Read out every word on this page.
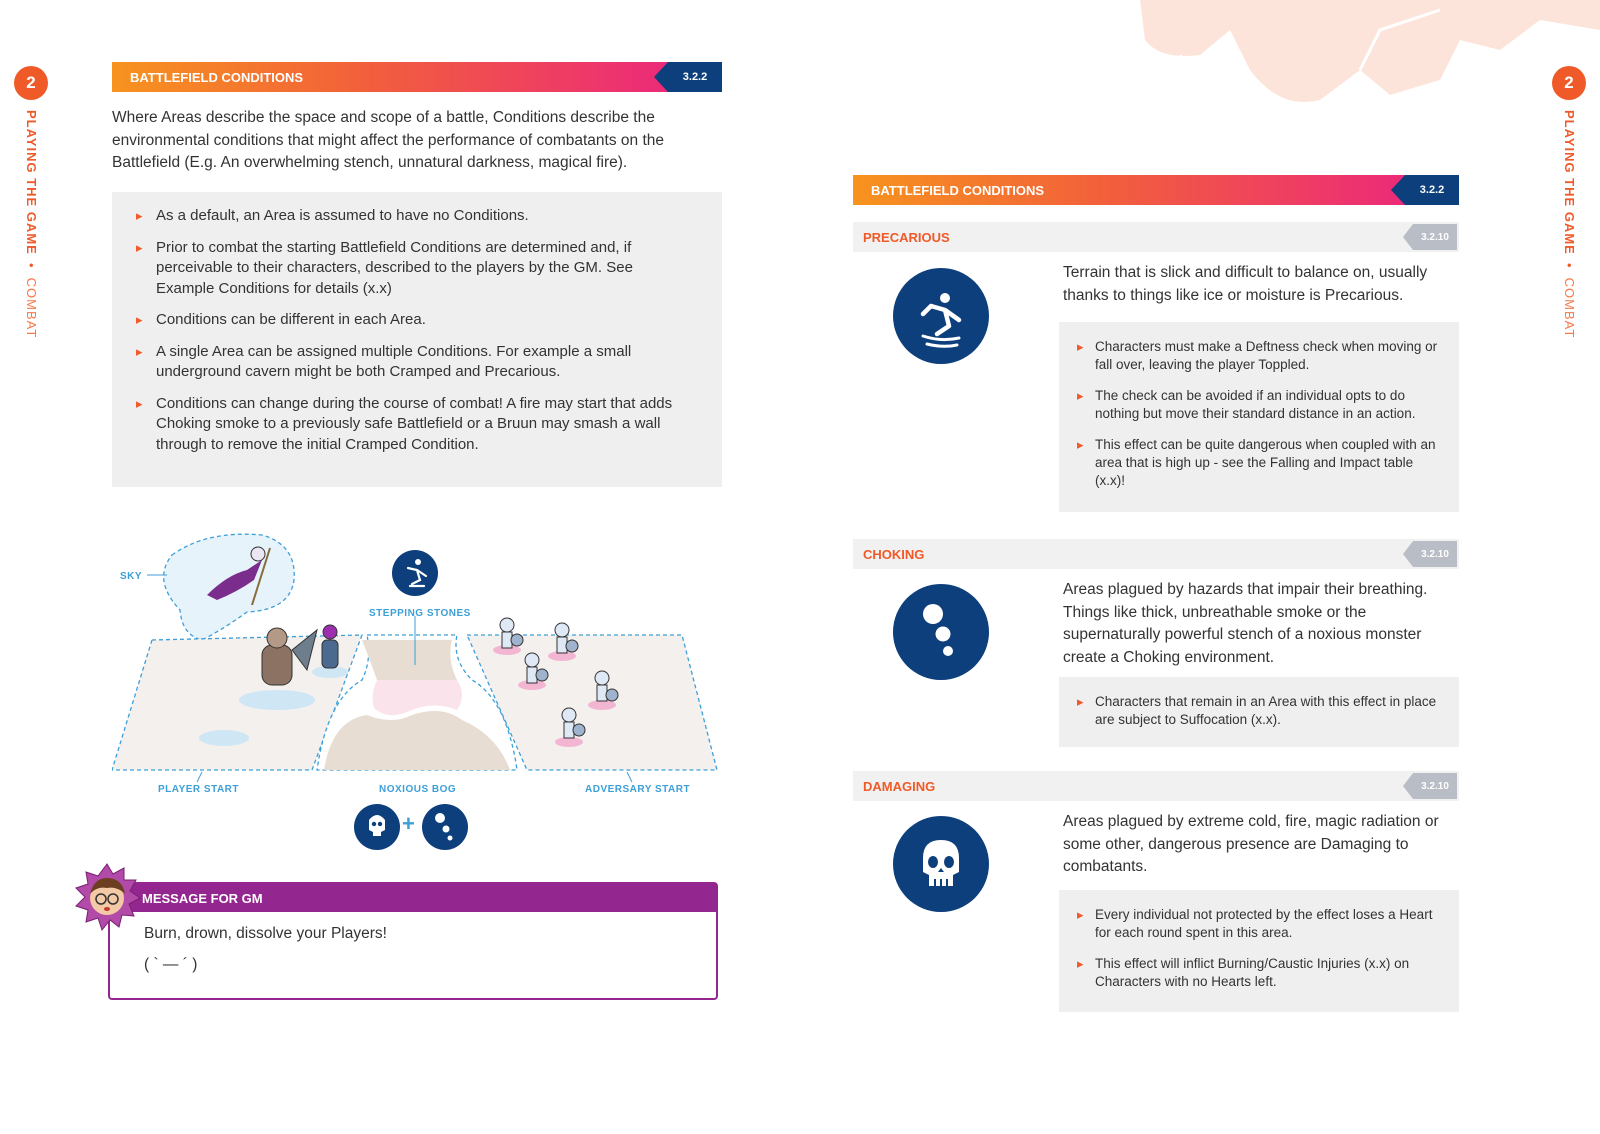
2
PLAYING THE GAME • COMBAT
2
PLAYING THE GAME • COMBAT
BATTLEFIELD CONDITIONS	3.2.2

Where Areas describe the space and scope of a battle, Conditions describe the environmental conditions that might affect the performance of combatants on the Battlefield (E.g. An overwhelming stench, unnatural darkness, magical fire).

▸ As a default, an Area is assumed to have no Conditions.
▸ Prior to combat the starting Battlefield Conditions are determined and, if perceivable to their characters, described to the players by the GM. See Example Conditions for details (x.x)
▸ Conditions can be different in each Area.
▸ A single Area can be assigned multiple Conditions. For example a small underground cavern might be both Cramped and Precarious.
▸ Conditions can change during the course of combat! A fire may start that adds Choking smoke to a previously safe Battlefield or a Bruun may smash a wall through to remove the initial Cramped Condition.
SKY
STEPPING STONES
PLAYER START	NOXIOUS BOG	ADVERSARY START
+
MESSAGE FOR GM
Burn, drown, dissolve your Players!
( ` — ´ )
BATTLEFIELD CONDITIONS	3.2.2
PRECARIOUS	3.2.10

Terrain that is slick and difficult to balance on, usually thanks to things like ice or moisture is Precarious.

▸ Characters must make a Deftness check when moving or fall over, leaving the player Toppled.
▸ The check can be avoided if an individual opts to do nothing but move their standard distance in an action.
▸ This effect can be quite dangerous when coupled with an area that is high up - see the Falling and Impact table (x.x)!
CHOKING	3.2.10

Areas plagued by hazards that impair their breathing. Things like thick, unbreathable smoke or the supernaturally powerful stench of a noxious monster create a Choking environment.

▸ Characters that remain in an Area with this effect in place are subject to Suffocation (x.x).
DAMAGING	3.2.10

Areas plagued by extreme cold, fire, magic radiation or some other, dangerous presence are Damaging to combatants.

▸ Every individual not protected by the effect loses a Heart for each round spent in this area.
▸ This effect will inflict Burning/Caustic Injuries (x.x) on Characters with no Hearts left.
